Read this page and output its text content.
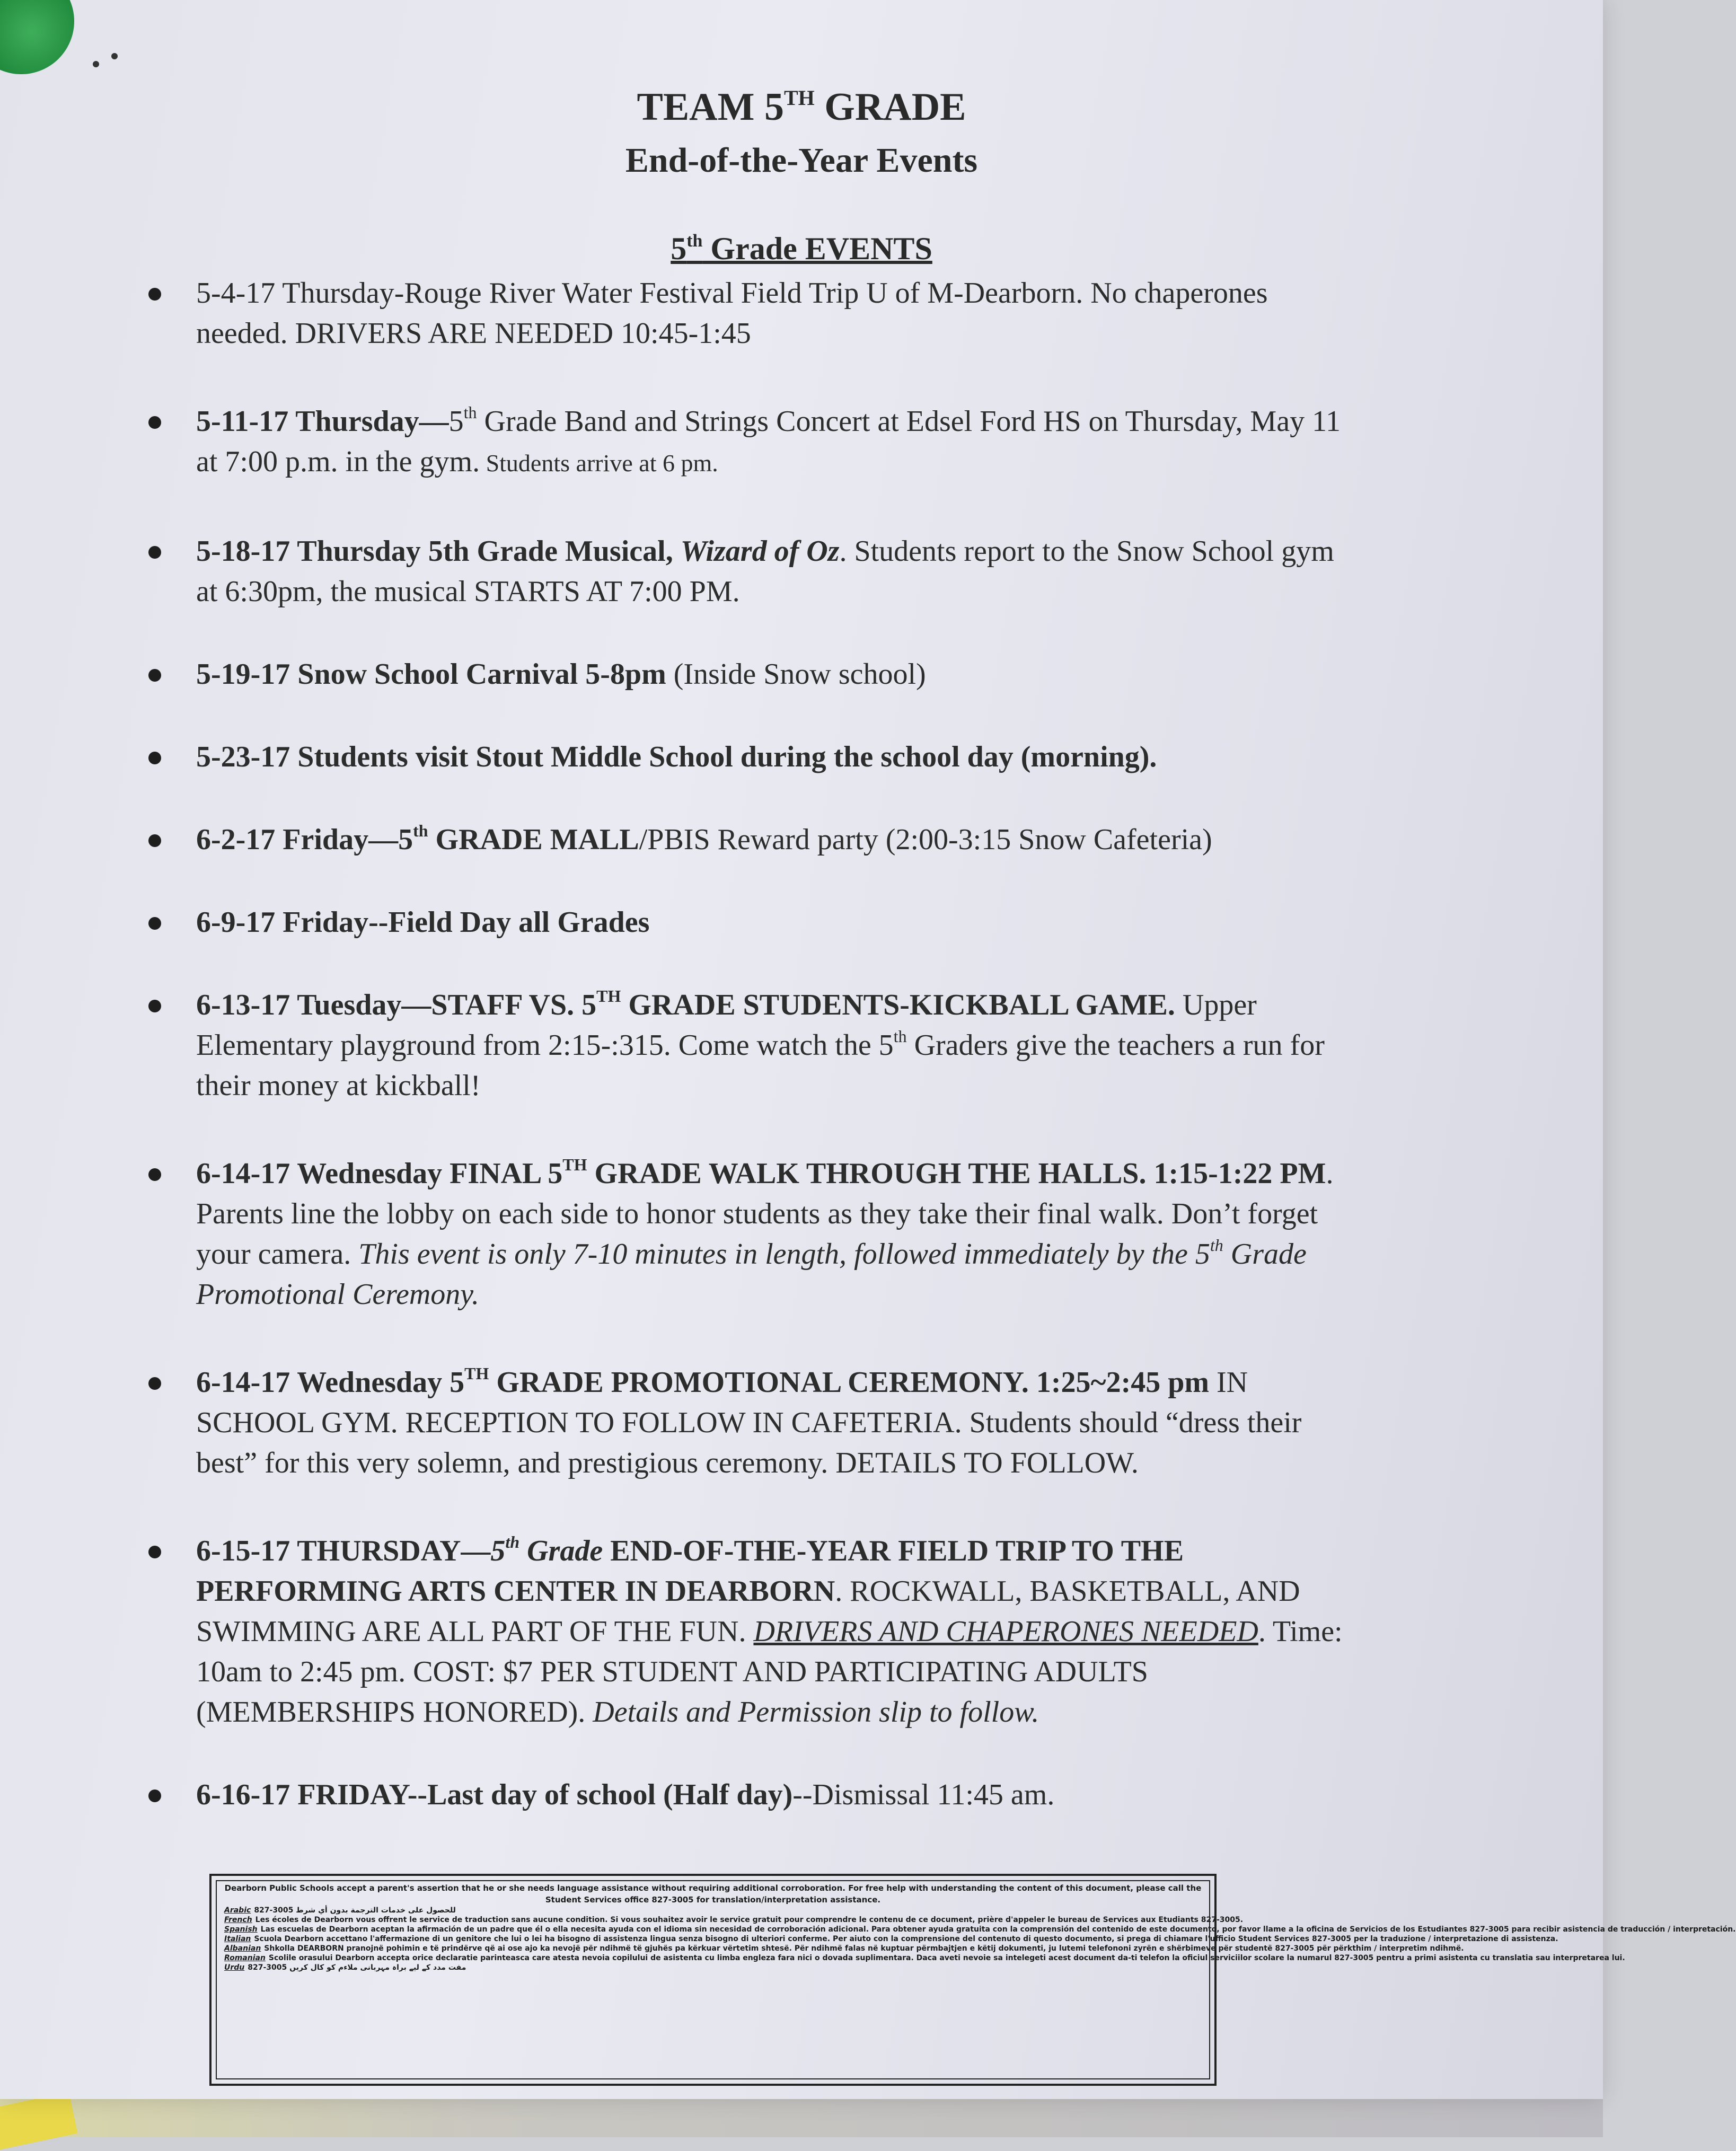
TEAM 5TH GRADE
End-of-the-Year Events
5th Grade EVENTS
5-4-17 Thursday-Rouge River Water Festival Field Trip U of M-Dearborn. No chaperones needed. DRIVERS ARE NEEDED 10:45-1:45
5-11-17 Thursday—5th Grade Band and Strings Concert at Edsel Ford HS on Thursday, May 11 at 7:00 p.m. in the gym. Students arrive at 6 pm.
5-18-17 Thursday 5th Grade Musical, Wizard of Oz. Students report to the Snow School gym at 6:30pm, the musical STARTS AT 7:00 PM.
5-19-17 Snow School Carnival 5-8pm (Inside Snow school)
5-23-17 Students visit Stout Middle School during the school day (morning).
6-2-17 Friday—5th GRADE MALL/PBIS Reward party (2:00-3:15 Snow Cafeteria)
6-9-17 Friday--Field Day all Grades
6-13-17 Tuesday—STAFF VS. 5TH GRADE STUDENTS-KICKBALL GAME. Upper Elementary playground from 2:15-:315. Come watch the 5th Graders give the teachers a run for their money at kickball!
6-14-17 Wednesday FINAL 5TH GRADE WALK THROUGH THE HALLS. 1:15-1:22 PM. Parents line the lobby on each side to honor students as they take their final walk. Don’t forget your camera. This event is only 7-10 minutes in length, followed immediately by the 5th Grade Promotional Ceremony.
6-14-17 Wednesday 5TH GRADE PROMOTIONAL CEREMONY. 1:25~2:45 pm IN SCHOOL GYM. RECEPTION TO FOLLOW IN CAFETERIA. Students should “dress their best” for this very solemn, and prestigious ceremony. DETAILS TO FOLLOW.
6-15-17 THURSDAY—5th Grade END-OF-THE-YEAR FIELD TRIP TO THE PERFORMING ARTS CENTER IN DEARBORN. ROCKWALL, BASKETBALL, AND SWIMMING ARE ALL PART OF THE FUN. DRIVERS AND CHAPERONES NEEDED. Time: 10am to 2:45 pm. COST: $7 PER STUDENT AND PARTICIPATING ADULTS (MEMBERSHIPS HONORED). Details and Permission slip to follow.
6-16-17 FRIDAY--Last day of school (Half day)--Dismissal 11:45 am.
Dearborn Public Schools accept a parent's assertion that he or she needs language assistance without requiring additional corroboration. For free help with understanding the content of this document, please call the Student Services office 827-3005 for translation/interpretation assistance.
Arabic 827-3005 للحصول على خدمات الترجمة بدون أي شرط
French Les écoles de Dearborn vous offrent le service de traduction sans aucune condition. Si vous souhaitez avoir le service gratuit pour comprendre le contenu de ce document, prière d'appeler le bureau de Services aux Etudiants 827-3005.
Spanish Las escuelas de Dearborn aceptan la afirmación de un padre que él o ella necesita ayuda con el idioma sin necesidad de corroboración adicional. Para obtener ayuda gratuita con la comprensión del contenido de este documento, por favor llame a la oficina de Servicios de los Estudiantes 827-3005 para recibir asistencia de traducción / interpretación.
Italian Scuola Dearborn accettano l'affermazione di un genitore che lui o lei ha bisogno di assistenza lingua senza bisogno di ulteriori conferme. Per aiuto con la comprensione del contenuto di questo documento, si prega di chiamare l'ufficio Student Services 827-3005 per la traduzione / interpretazione di assistenza.
Albanian Shkolla DEARBORN pranojnë pohimin e të prindërve që ai ose ajo ka nevojë për ndihmë të gjuhës pa kërkuar vërtetim shtesë. Për ndihmë falas në kuptuar përmbajtjen e këtij dokumenti, ju lutemi telefononi zyrën e shërbimeve për studentë 827-3005 për përkthim / interpretim ndihmë.
Romanian Scolile orasului Dearborn accepta orice declaratie parinteasca care atesta nevoia copilului de asistenta cu limba engleza fara nici o dovada suplimentara. Daca aveti nevoie sa intelegeti acest document da-ti telefon la oficiul serviciilor scolare la numarul 827-3005 pentru a primi asistenta cu translatia sau interpretarea lui.
Urdu 827-3005 مفت مدد کے لیے براہ مہربانی ملاءم کو کال کریں
